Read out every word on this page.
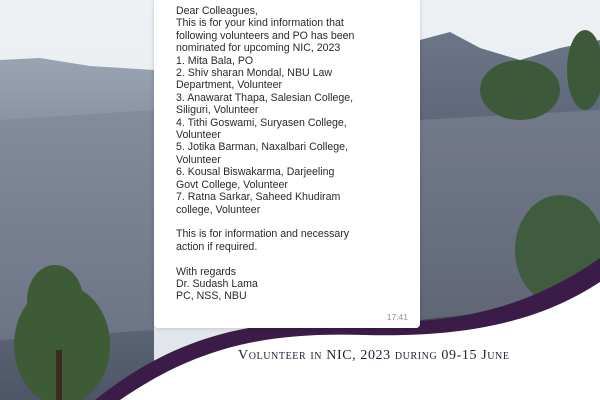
Dear Colleagues,
This is for your kind information that
following volunteers and PO has been
nominated for upcoming NIC, 2023
1. Mita Bala, PO
2. Shiv sharan Mondal, NBU Law
Department, Volunteer
3. Anawarat Thapa, Salesian College,
Siliguri, Volunteer
4. Tithi Goswami, Suryasen College,
Volunteer
5. Jotika Barman, Naxalbari College,
Volunteer
6. Kousal Biswakarma, Darjeeling
Govt College, Volunteer
7. Ratna Sarkar, Saheed Khudiram
college, Volunteer
This is for information and necessary
action if required.
With regards
Dr. Sudash Lama
PC, NSS, NBU
17:41
Volunteer in NIC, 2023 during 09-15 June
